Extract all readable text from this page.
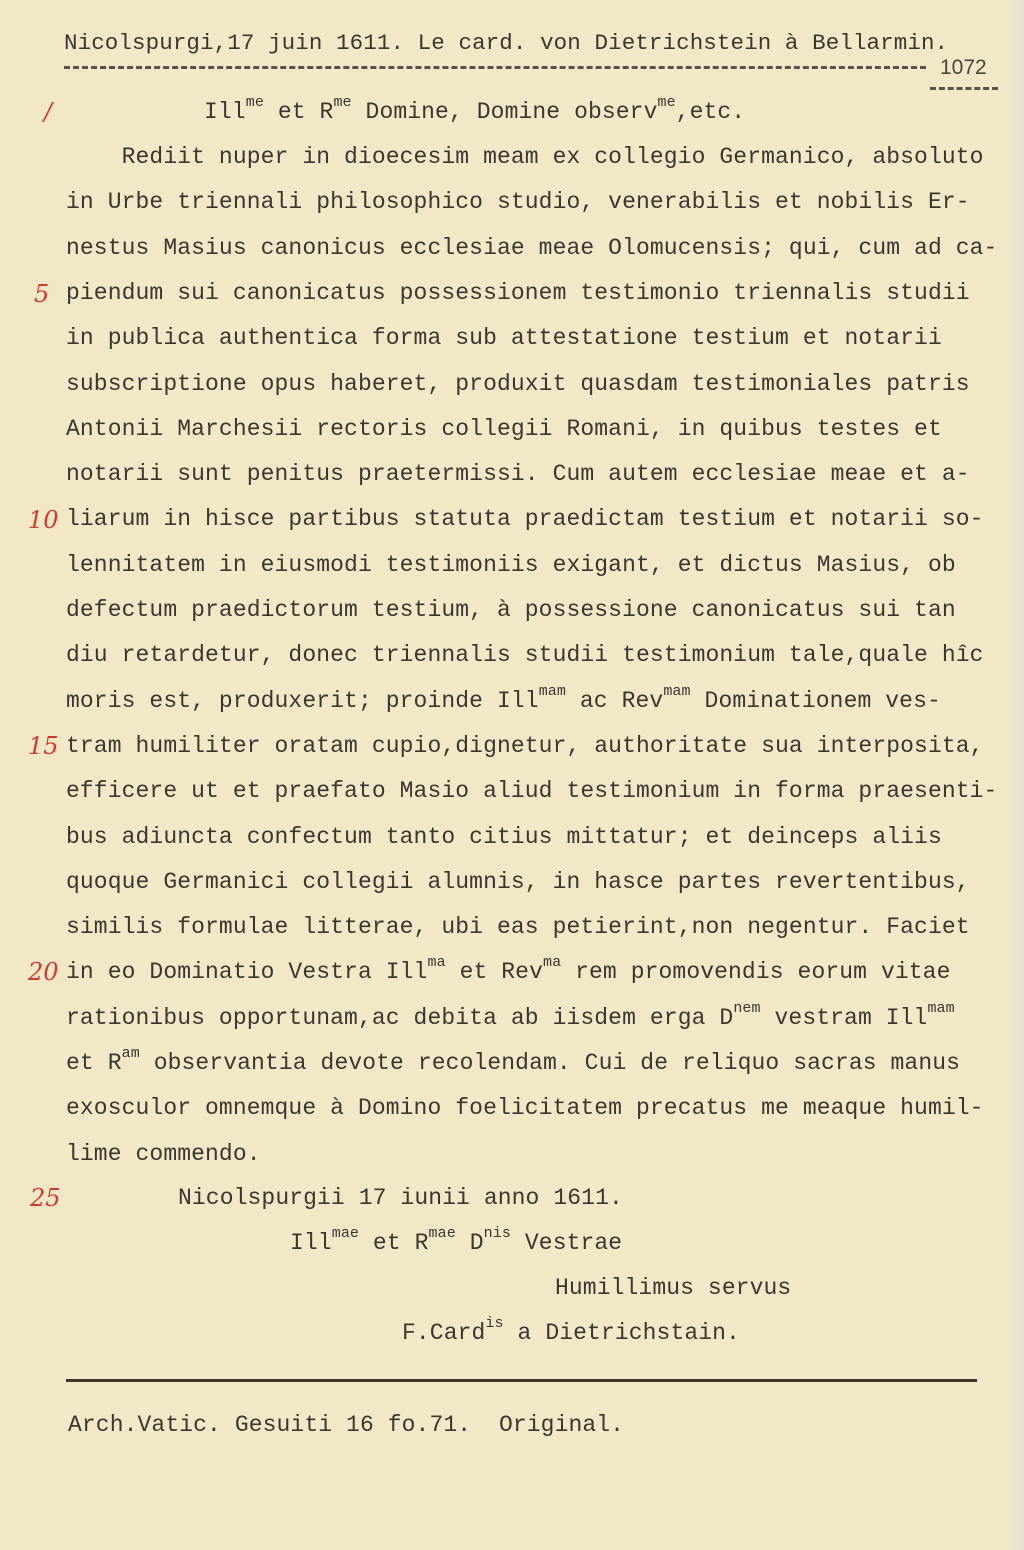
Nicolspurgi,17 juin 1611. Le card. von Dietrichstein à Bellarmin.
1072
/
5
10
15
20
25
Ill$^{me}$ et $R^{me}$ Domine, Domine observ$^{me}$,etc.
Rediit nuper in dioecesim meam ex collegio Germanico, absoluto
in Urbe triennali philosophico studio, venerabilis et nobilis Er-
nestus Masius canonicus ecclesiae meae Olomucensis; qui, cum ad ca-
piendum sui canonicatus possessionem testimonio triennalis studii
in publica authentica forma sub attestatione testium et notarii
subscriptione opus haberet, produxit quasdam testimoniales patris
Antonii Marchesii rectoris collegii Romani, in quibus testes et
notarii sunt penitus praetermissi. Cum autem ecclesiae meae et a-
liarum in hisce partibus statuta praedictam testium et notarii so-
lennitatem in eiusmodi testimoniis exigant, et dictus Masius, ob
defectum praedictorum testium, à possessione canonicatus sui tan
diu retardetur, donec triennalis studii testimonium tale,quale hîc
moris est, produxerit; proinde Ill$^{mam}$ ac Rev$^{mam}$ Dominationem ves-
tram humiliter oratam cupio,dignetur, authoritate sua interposita,
efficere ut et praefato Masio aliud testimonium in forma praesenti-
bus adiuncta confectum tanto citius mittatur; et deinceps aliis
quoque Germanici collegii alumnis, in hasce partes revertentibus,
similis formulae litterae, ubi eas petierint,non negentur. Faciet
in eo Dominatio Vestra Ill$^{ma}$ et Rev$^{ma}$ rem promovendis eorum vitae
rationibus opportunam,ac debita ab iisdem erga $D^{nem}$ vestram Ill$^{mam}$
et $R^{am}$ observantia devote recolendam. Cui de reliquo sacras manus
exosculor omnemque à Domino foelicitatem precatus me meaque humil-
lime commendo.
Nicolspurgii 17 iunii anno 1611.
Ill$^{mae}$ et $R^{mae}$ $D^{nis}$ Vestrae
Humillimus servus
F.Card$^{is}$ a Dietrichstain.
Arch.Vatic. Gesuiti 16 fo.71.  Original.
